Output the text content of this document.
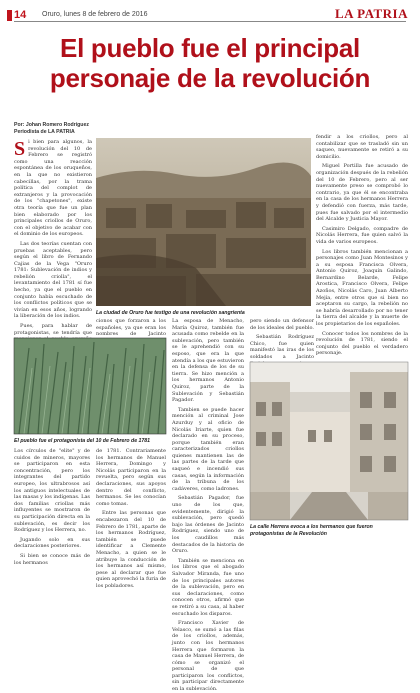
14 Oruro, lunes 8 de febrero de 2016	LA PATRIA
El pueblo fue el principal
personaje de la revolución
Por: Johan Romero Rodríguez
Periodista de LA PATRIA
S i bien para algunos, la revolución del 10 de Febrero se registró como una reacción espontánea de los oruqueños, en la que no existieron cabecillas, por la trama política del complot de extranjeros y la provocación de los "chapetones", existe otra teoría que fue un plan bien elaborado por los principales criollos de Oruro, con el objetivo de acabar con el dominio de los europeos.

Las dos teorías cuentan con pruebas aceptables, pero según el libro de Fernando Cajias de la Vega "Oruro 1781: Sublevación de indios y rebelión criolla", el levantamiento del 1781 sí fue hecho, ya que el pueblo en conjunto había escuchado de los conflictos políticos que se vivían en esos años, logrando la liberación de los indios.

Pues, para hablar de protagonistas, se tendría que

La ciudad de Oruro fue testigo de una revolución sangrienta

fendir a los criollos, pero al contabilizar que se trasladó sin un saqueo, nuevamente se retiró a su domicilio.

Miguel Portilla fue acusado de organización después de la rebelión del 10 de Febrero, pero al ser nuevamente preso se comprobó lo contrario, ya que él se encontraba en la casa de los hermanos Herrera y defendió con fuerza, más tarde, pues fue salvado por el intermedio del Alcalde y Justicia Mayor.

Casimiro Delgado, compadre de Nicolás Herrera, fue quien salvó la vida de varios europeos.

Los libros también mencionan a personajes como Juan Montesinos y a su esposa Francisca Olvera, Antonio Quiroz, Joaquín Galindo, Bernardino Belarde, Felipe Arostica, Francisco Olvera, Felipe Azoños, Nicolás Caro, Juan Alberto Mejía, entre otros que si bien no aceptaron su cargo, la rebelión no se habría desarrollado por no tener la tierra del alcalde y la muerte de los propietarios de los españoles.

Conocer todos los nombres de la revolución de 1781, siendo el conjunto del pueblo el verdadero personaje.

cionos que forzaron a los españoles, ya que eran los nombres de Jacinto

La esposa de Menacho, María Quiroz, también fue acusada como rebelde en la sublevación, pero también se le aprehendió con su esposo, que era la que atendía a los que estuvieron en la defensa de los de su tierra. Se hizo mención a los hermanos Antonio Quiroz, parte de la Sublevación y Sebastián Pagador.

Tambien se puede hacer mención al criminal Jose Azurduy y al oficio de Nicolás Iriarte, quien fue declarado en su proceso, porque también eran caracterizados criollos quienes mantienen las de las partes de la tarde que saqueó e incendió sus casas, según la información de la tribuna de los cadáveres, como ladrones.

Sebastián Pagador, fue uno de los que, evidentemente, dirigió la sublevación, pero quedó bajo las órdenes de Jacinto Rodríguez, siendo uno de los caudillos más destacados de la historia de Oruro.

También se menciona en los libros que el abogado Salvador Miranda, fue uno de los principales autores de la sublevación, pero en sus declaraciones, como conocen otros, afirmó que se retiró a su casa, al haber escuchado los disparos.

Francisco Xavier de Velasco, se sumó a las filas de los criollos, además, junto con los hermanos Herrera que formaron la casa de Manuel Herrera, de cómo se organizó el personal de que participaron los conflictos, sin participar directamente en la sublevación.

pero siendo un defensor de los ideales del pueblo.

Sebastián Rodríguez Chico, fue quien manifestó las iras de los soldados a Jacinto

El pueblo fue el protagonista del 10 de Febrero de 1781

Los círculos de "elite" y de cuidos de mineros, mayores se participaron en esta concentración, pero los integrantes del partido europeo, los ultrabrosos así los antiguos intelectuales de las masas y los indígenas. Las dos familias criollas más influyentes se mostraron de su participación directa en la sublevación, es decir los Rodríguez y los Herrera, no.

Jugando solo en sus declaraciones posteriores.

Si bien se conoce más de los hermanos

de 1781. Contrariamente los hermanos de Manuel Herrera, Domingo y Nicolás participaron en la revuelta, pero según sus declaraciones, sus apoyos dentro del conflicto, hermanos. Se les conocían como tomas.

Entre las personas que encabezaron del 10 de Febrero de 1781, aparte de los hermanos Rodríguez, también se puede identificar a Clemente Menacho, a quien se le atribuye la conducción de los hermanos así mismo, pese al declarar que fue quien aprovechó la furia de los pobladores.

La calle Herrera evoca a los hermanos que fueron protagonistas de la Revolución
